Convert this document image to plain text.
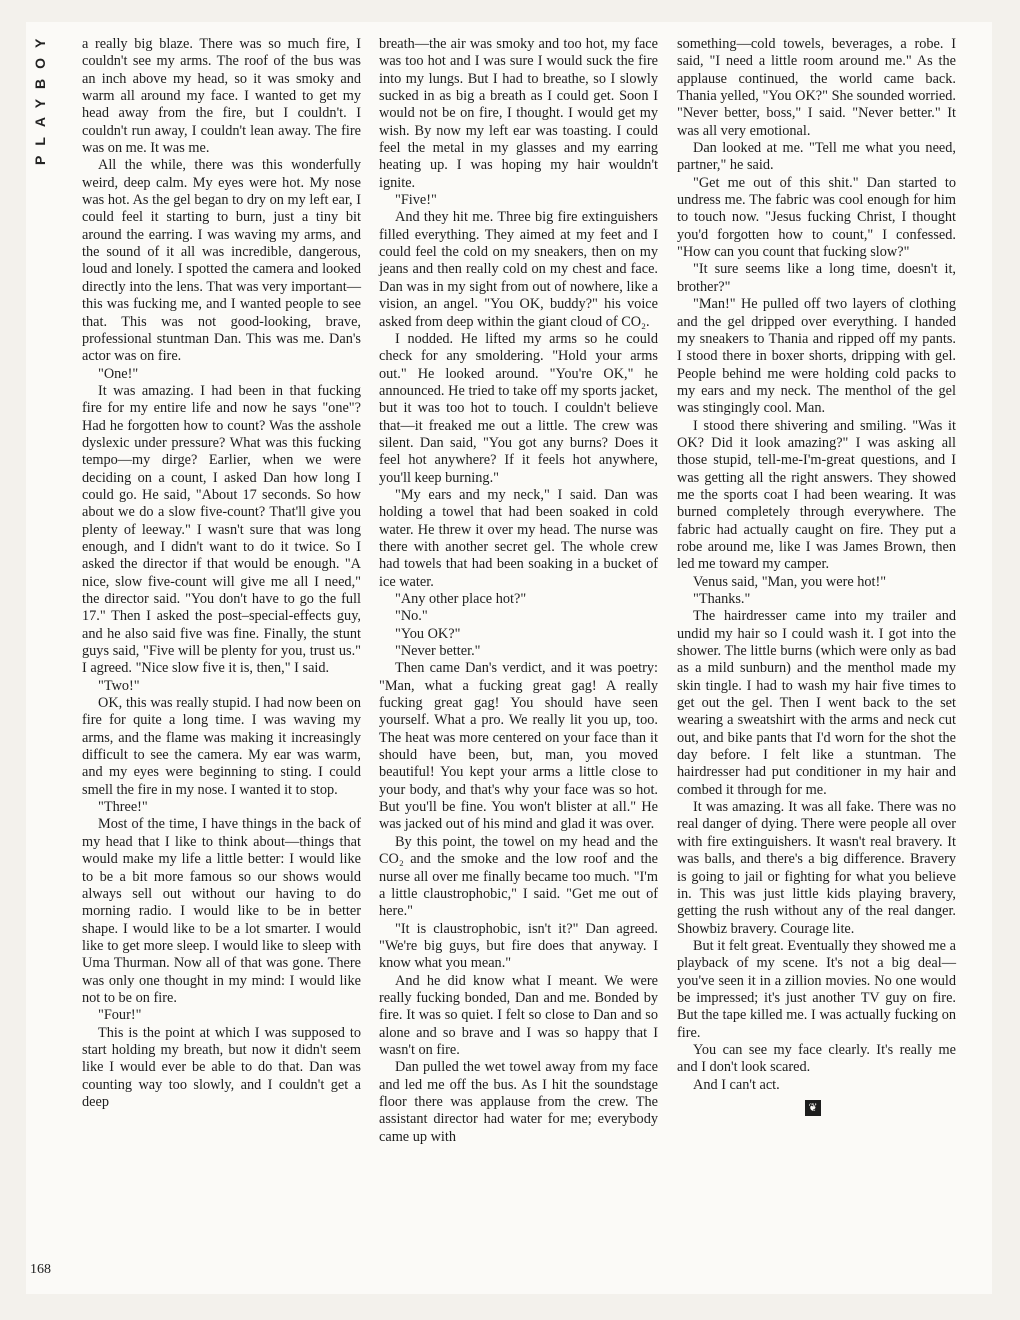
PLAYBOY a really big blaze. There was so much fire, I couldn't see my arms. The roof of the bus was an inch above my head, so it was smoky and warm all around my face. I wanted to get my head away from the fire, but I couldn't. I couldn't run away, I couldn't lean away. The fire was on me. It was me.

All the while, there was this wonderfully weird, deep calm. My eyes were hot. My nose was hot. As the gel began to dry on my left ear, I could feel it starting to burn, just a tiny bit around the earring. I was waving my arms, and the sound of it all was incredible, dangerous, loud and lonely. I spotted the camera and looked directly into the lens. That was very important—this was fucking me, and I wanted people to see that. This was not good-looking, brave, professional stuntman Dan. This was me. Dan's actor was on fire.

"One!"

It was amazing. I had been in that fucking fire for my entire life and now he says "one"? Had he forgotten how to count? Was the asshole dyslexic under pressure? What was this fucking tempo—my dirge? Earlier, when we were deciding on a count, I asked Dan how long I could go. He said, "About 17 seconds. So how about we do a slow five-count? That'll give you plenty of leeway." I wasn't sure that was long enough, and I didn't want to do it twice. So I asked the director if that would be enough. "A nice, slow five-count will give me all I need," the director said. "You don't have to go the full 17." Then I asked the post–special-effects guy, and he also said five was fine. Finally, the stunt guys said, "Five will be plenty for you, trust us." I agreed. "Nice slow five it is, then," I said.

"Two!"

OK, this was really stupid. I had now been on fire for quite a long time. I was waving my arms, and the flame was making it increasingly difficult to see the camera. My ear was warm, and my eyes were beginning to sting. I could smell the fire in my nose. I wanted it to stop.

"Three!"

Most of the time, I have things in the back of my head that I like to think about—things that would make my life a little better: I would like to be a bit more famous so our shows would always sell out without our having to do morning radio. I would like to be in better shape. I would like to be a lot smarter. I would like to get more sleep. I would like to sleep with Uma Thurman. Now all of that was gone. There was only one thought in my mind: I would like not to be on fire.

"Four!"

This is the point at which I was supposed to start holding my breath, but now it didn't seem like I would ever be able to do that. Dan was counting way too slowly, and I couldn't get a deep

breath—the air was smoky and too hot, my face was too hot and I was sure I would suck the fire into my lungs. But I had to breathe, so I slowly sucked in as big a breath as I could get. Soon I would not be on fire, I thought. I would get my wish. By now my left ear was toasting. I could feel the metal in my glasses and my earring heating up. I was hoping my hair wouldn't ignite.

"Five!"

And they hit me. Three big fire extinguishers filled everything. They aimed at my feet and I could feel the cold on my sneakers, then on my jeans and then really cold on my chest and face. Dan was in my sight from out of nowhere, like a vision, an angel. "You OK, buddy?" his voice asked from deep within the giant cloud of CO₂.

I nodded. He lifted my arms so he could check for any smoldering. "Hold your arms out." He looked around. "You're OK," he announced. He tried to take off my sports jacket, but it was too hot to touch. I couldn't believe that—it freaked me out a little. The crew was silent. Dan said, "You got any burns? Does it feel hot anywhere? If it feels hot anywhere, you'll keep burning."

"My ears and my neck," I said. Dan was holding a towel that had been soaked in cold water. He threw it over my head. The nurse was there with another secret gel. The whole crew had towels that had been soaking in a bucket of ice water.

"Any other place hot?"

"No."

"You OK?"

"Never better."

Then came Dan's verdict, and it was poetry: "Man, what a fucking great gag! A really fucking great gag! You should have seen yourself. What a pro. We really lit you up, too. The heat was more centered on your face than it should have been, but, man, you moved beautiful! You kept your arms a little close to your body, and that's why your face was so hot. But you'll be fine. You won't blister at all." He was jacked out of his mind and glad it was over.

By this point, the towel on my head and the CO₂ and the smoke and the low roof and the nurse all over me finally became too much. "I'm a little claustrophobic," I said. "Get me out of here."

"It is claustrophobic, isn't it?" Dan agreed. "We're big guys, but fire does that anyway. I know what you mean."

And he did know what I meant. We were really fucking bonded, Dan and me. Bonded by fire. It was so quiet. I felt so close to Dan and so alone and so brave and I was so happy that I wasn't on fire.

Dan pulled the wet towel away from my face and led me off the bus. As I hit the soundstage floor there was applause from the crew. The assistant director had water for me; everybody came up with

something—cold towels, beverages, a robe. I said, "I need a little room around me." As the applause continued, the world came back. Thania yelled, "You OK?" She sounded worried. "Never better, boss," I said. "Never better." It was all very emotional.

Dan looked at me. "Tell me what you need, partner," he said.

"Get me out of this shit." Dan started to undress me. The fabric was cool enough for him to touch now. "Jesus fucking Christ, I thought you'd forgotten how to count," I confessed. "How can you count that fucking slow?"

"It sure seems like a long time, doesn't it, brother?"

"Man!" He pulled off two layers of clothing and the gel dripped over everything. I handed my sneakers to Thania and ripped off my pants. I stood there in boxer shorts, dripping with gel. People behind me were holding cold packs to my ears and my neck. The menthol of the gel was stingingly cool. Man.

I stood there shivering and smiling. "Was it OK? Did it look amazing?" I was asking all those stupid, tell-me-I'm-great questions, and I was getting all the right answers. They showed me the sports coat I had been wearing. It was burned completely through everywhere. The fabric had actually caught on fire. They put a robe around me, like I was James Brown, then led me toward my camper.

Venus said, "Man, you were hot!"

"Thanks."

The hairdresser came into my trailer and undid my hair so I could wash it. I got into the shower. The little burns (which were only as bad as a mild sunburn) and the menthol made my skin tingle. I had to wash my hair five times to get out the gel. Then I went back to the set wearing a sweatshirt with the arms and neck cut out, and bike pants that I'd worn for the shot the day before. I felt like a stuntman. The hairdresser had put conditioner in my hair and combed it through for me.

It was amazing. It was all fake. There was no real danger of dying. There were people all over with fire extinguishers. It wasn't real bravery. It was balls, and there's a big difference. Bravery is going to jail or fighting for what you believe in. This was just little kids playing bravery, getting the rush without any of the real danger. Showbiz bravery. Courage lite.

But it felt great. Eventually they showed me a playback of my scene. It's not a big deal—you've seen it in a zillion movies. No one would be impressed; it's just another TV guy on fire. But the tape killed me. I was actually fucking on fire.

You can see my face clearly. It's really me and I don't look scared.

And I can't act.

❦
168
